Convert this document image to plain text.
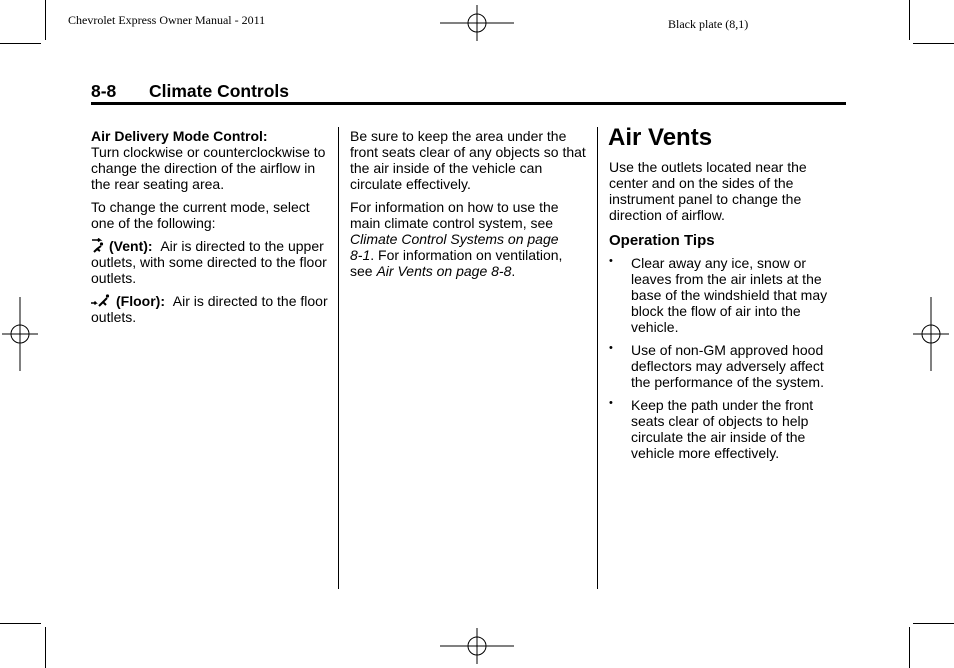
Chevrolet Express Owner Manual - 2011	Black plate (8,1)
8-8 Climate Controls

Air Delivery Mode Control:
Turn clockwise or counterclockwise to change the direction of the airflow in the rear seating area.

To change the current mode, select one of the following:

(Vent): Air is directed to the upper outlets, with some directed to the floor outlets.

(Floor): Air is directed to the floor outlets.

Be sure to keep the area under the front seats clear of any objects so that the air inside of the vehicle can circulate effectively.

For information on how to use the main climate control system, see Climate Control Systems on page 8‑1. For information on ventilation, see Air Vents on page 8‑8.

Air Vents

Use the outlets located near the center and on the sides of the instrument panel to change the direction of airflow.

Operation Tips
• Clear away any ice, snow or leaves from the air inlets at the base of the windshield that may block the flow of air into the vehicle.
• Use of non-GM approved hood deflectors may adversely affect the performance of the system.
• Keep the path under the front seats clear of objects to help circulate the air inside of the vehicle more effectively.
